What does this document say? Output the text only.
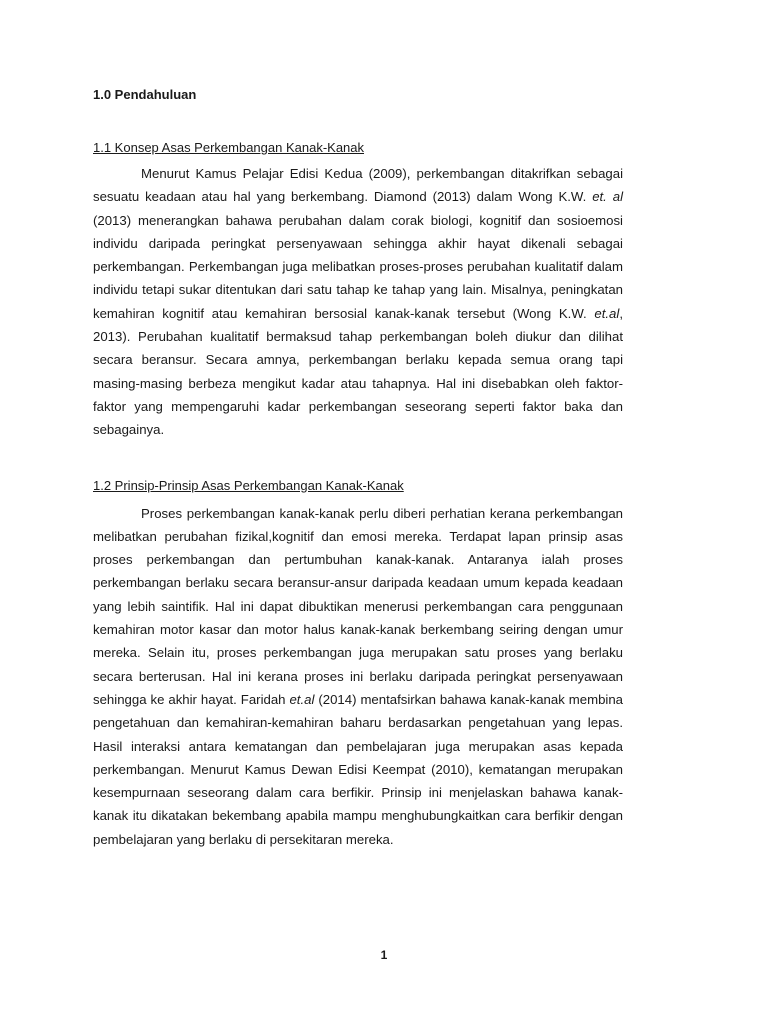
1.0 Pendahuluan
1.1 Konsep Asas Perkembangan Kanak-Kanak

Menurut Kamus Pelajar Edisi Kedua (2009), perkembangan ditakrifkan sebagai sesuatu keadaan atau hal yang berkembang. Diamond (2013) dalam Wong K.W. et. al (2013) menerangkan bahawa perubahan dalam corak biologi, kognitif dan sosioemosi individu daripada peringkat persenyawaan sehingga akhir hayat dikenali sebagai perkembangan. Perkembangan juga melibatkan proses-proses perubahan kualitatif dalam individu tetapi sukar ditentukan dari satu tahap ke tahap yang lain. Misalnya, peningkatan kemahiran kognitif atau kemahiran bersosial kanak-kanak tersebut (Wong K.W. et.al, 2013). Perubahan kualitatif bermaksud tahap perkembangan boleh diukur dan dilihat secara beransur. Secara amnya, perkembangan berlaku kepada semua orang tapi masing-masing berbeza mengikut kadar atau tahapnya. Hal ini disebabkan oleh faktor-faktor yang mempengaruhi kadar perkembangan seseorang seperti faktor baka dan sebagainya.

1.2 Prinsip-Prinsip Asas Perkembangan Kanak-Kanak

Proses perkembangan kanak-kanak perlu diberi perhatian kerana perkembangan melibatkan perubahan fizikal,kognitif dan emosi mereka. Terdapat lapan prinsip asas proses perkembangan dan pertumbuhan kanak-kanak. Antaranya ialah proses perkembangan berlaku secara beransur-ansur daripada keadaan umum kepada keadaan yang lebih saintifik. Hal ini dapat dibuktikan menerusi perkembangan cara penggunaan kemahiran motor kasar dan motor halus kanak-kanak berkembang seiring dengan umur mereka. Selain itu, proses perkembangan juga merupakan satu proses yang berlaku secara berterusan. Hal ini kerana proses ini berlaku daripada peringkat persenyawaan sehingga ke akhir hayat. Faridah et.al (2014) mentafsirkan bahawa kanak-kanak membina pengetahuan dan kemahiran-kemahiran baharu berdasarkan pengetahuan yang lepas. Hasil interaksi antara kematangan dan pembelajaran juga merupakan asas kepada perkembangan. Menurut Kamus Dewan Edisi Keempat (2010), kematangan merupakan kesempurnaan seseorang dalam cara berfikir. Prinsip ini menjelaskan bahawa kanak-kanak itu dikatakan bekembang apabila mampu menghubungkaitkan cara berfikir dengan pembelajaran yang berlaku di persekitaran mereka.

1
